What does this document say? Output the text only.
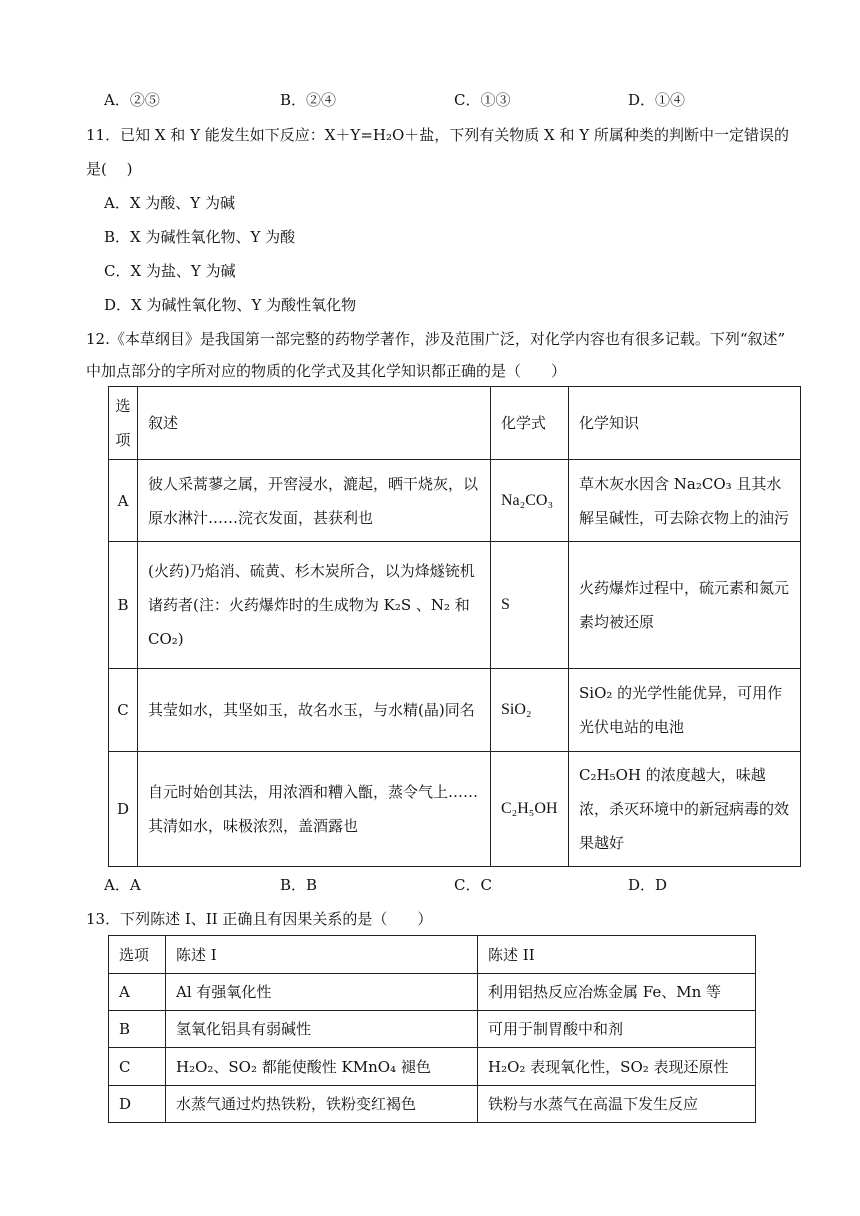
A．②⑤	B．②④	C．①③	D．①④
11．已知 X 和 Y 能发生如下反应：X＋Y=H₂O＋盐，下列有关物质 X 和 Y 所属种类的判断中一定错误的
是(　 )
A．X 为酸、Y 为碱
B．X 为碱性氧化物、Y 为酸
C．X 为盐、Y 为碱
D．X 为碱性氧化物、Y 为酸性氧化物
12.《本草纲目》是我国第一部完整的药物学著作，涉及范围广泛，对化学内容也有很多记载。下列“叙述”
中加点部分的字所对应的物质的化学式及其化学知识都正确的是（　　）
选项	叙述	化学式	化学知识
A	彼人采蒿蓼之属，开窖浸水，漉起，晒干烧灰，以原水淋汁……浣衣发面，甚获利也	Na₂CO₃	草木灰水因含 Na₂CO₃ 且其水解呈碱性，可去除衣物上的油污

B	(火药)乃焰消、硫黄、杉木炭所合，以为烽燧铳机诸药者(注：火药爆炸时的生成物为 K₂S 、N₂ 和 CO₂)	S	火药爆炸过程中，硫元素和氮元素均被还原

C	其莹如水，其坚如玉，故名水玉，与水精(晶)同名	SiO₂	SiO₂ 的光学性能优异，可用作光伏电站的电池

D	自元时始创其法，用浓酒和糟入甑，蒸令气上……其清如水，味极浓烈，盖酒露也	C₂H₅OH	C₂H₅OH 的浓度越大，味越浓，杀灭环境中的新冠病毒的效果越好
A．A	B．B	C．C	D．D
13．下列陈述 I、II 正确且有因果关系的是（　　）
选项	陈述 I	陈述 II
A	Al 有强氧化性	利用铝热反应冶炼金属 Fe、Mn 等
B	氢氧化铝具有弱碱性	可用于制胃酸中和剂
C	H₂O₂、SO₂ 都能使酸性 KMnO₄ 褪色	H₂O₂ 表现氧化性，SO₂ 表现还原性
D	水蒸气通过灼热铁粉，铁粉变红褐色	铁粉与水蒸气在高温下发生反应
